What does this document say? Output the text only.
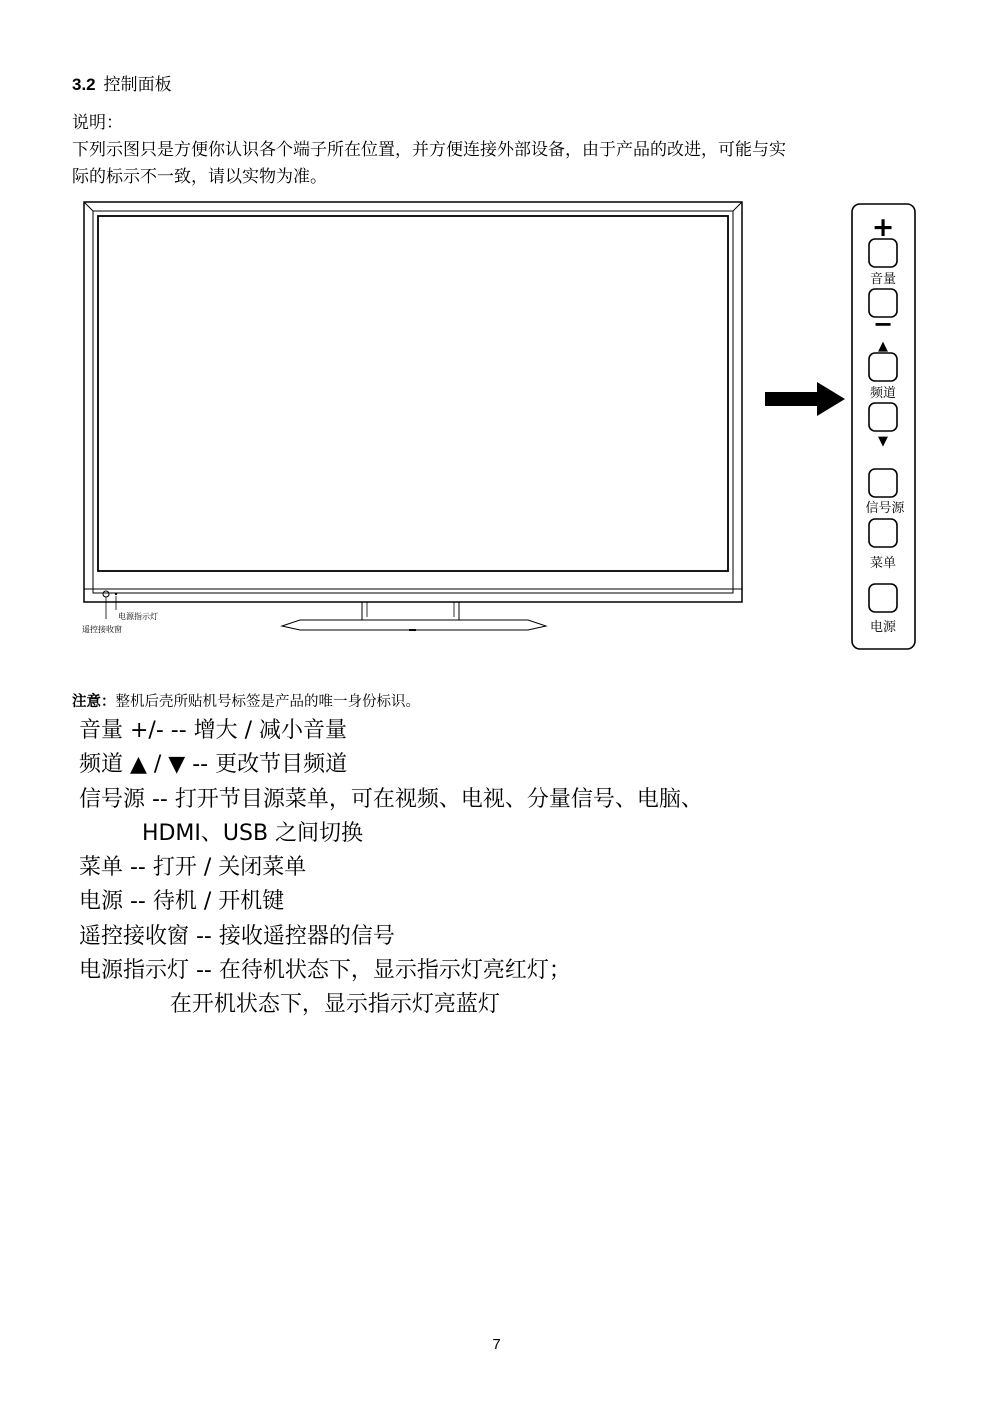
3.2 控制面板
说明：
下列示图只是方便你认识各个端子所在位置，并方便连接外部设备，由于产品的改进，可能与实
际的标示不一致，请以实物为准。
电源指示灯
遥控接收窗
+
音量
−
▲
频道
▼
信号源
菜单
电源
注意：整机后壳所贴机号标签是产品的唯一身份标识。
音量 +/- -- 增大 / 减小音量
频道 ▲ / ▼ -- 更改节目频道
信号源 -- 打开节目源菜单，可在视频、电视、分量信号、电脑、
HDMI、USB 之间切换
菜单 -- 打开 / 关闭菜单
电源 -- 待机 / 开机键
遥控接收窗 -- 接收遥控器的信号
电源指示灯 -- 在待机状态下，显示指示灯亮红灯；
在开机状态下，显示指示灯亮蓝灯
7
